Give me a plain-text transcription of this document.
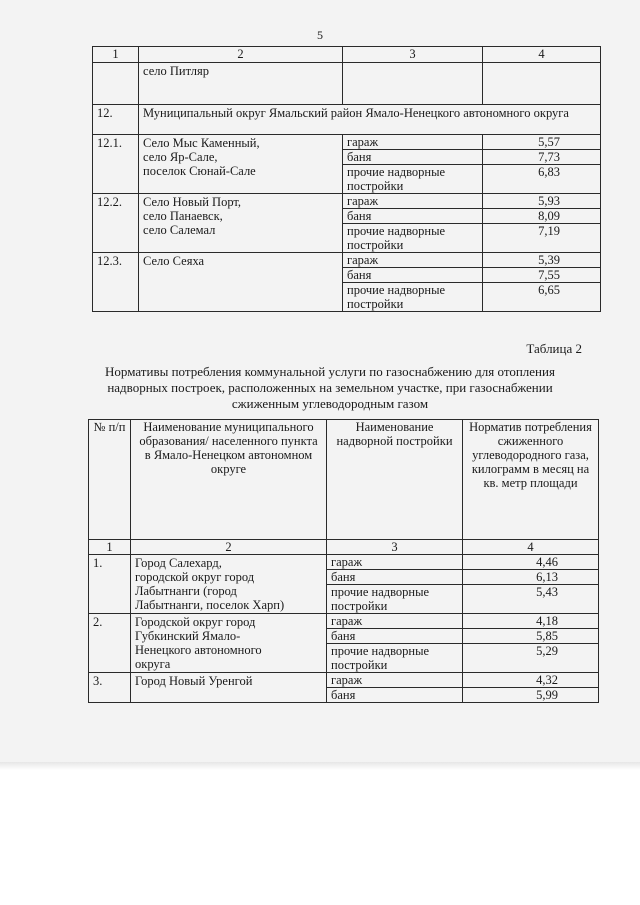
5
1	2	3	4
	село Питляр		
12.	Муниципальный округ Ямальский район Ямало-Ненецкого автономного округа		
12.1.	Село Мыс Каменный,
село Яр-Сале,
поселок Сюнай-Сале	гараж	5,57
		баня	7,73
		прочие надворные постройки	6,83
12.2.	Село Новый Порт,
село Панаевск,
село Салемал	гараж	5,93
		баня	8,09
		прочие надворные постройки	7,19
12.3.	Село Сеяха	гараж	5,39
		баня	7,55
		прочие надворные постройки	6,65
Таблица 2
Нормативы потребления коммунальной услуги по газоснабжению для отопления надворных построек, расположенных на земельном участке, при газоснабжении сжиженным углеводородным газом
№ п/п	Наименование муниципального образования/ населенного пункта в Ямало-Ненецком автономном округе	Наименование надворной постройки	Норматив потребления сжиженного углеводородного газа, килограмм в месяц на кв. метр площади
1	2	3	4
1.	Город Салехард,
городской округ город
Лабытнанги (город
Лабытнанги, поселок Харп)	гараж	4,46
		баня	6,13
		прочие надворные постройки	5,43
2.	Городской округ город
Губкинский Ямало-
Ненецкого автономного
округа	гараж	4,18
		баня	5,85
		прочие надворные постройки	5,29
3.	Город Новый Уренгой	гараж	4,32
		баня	5,99
